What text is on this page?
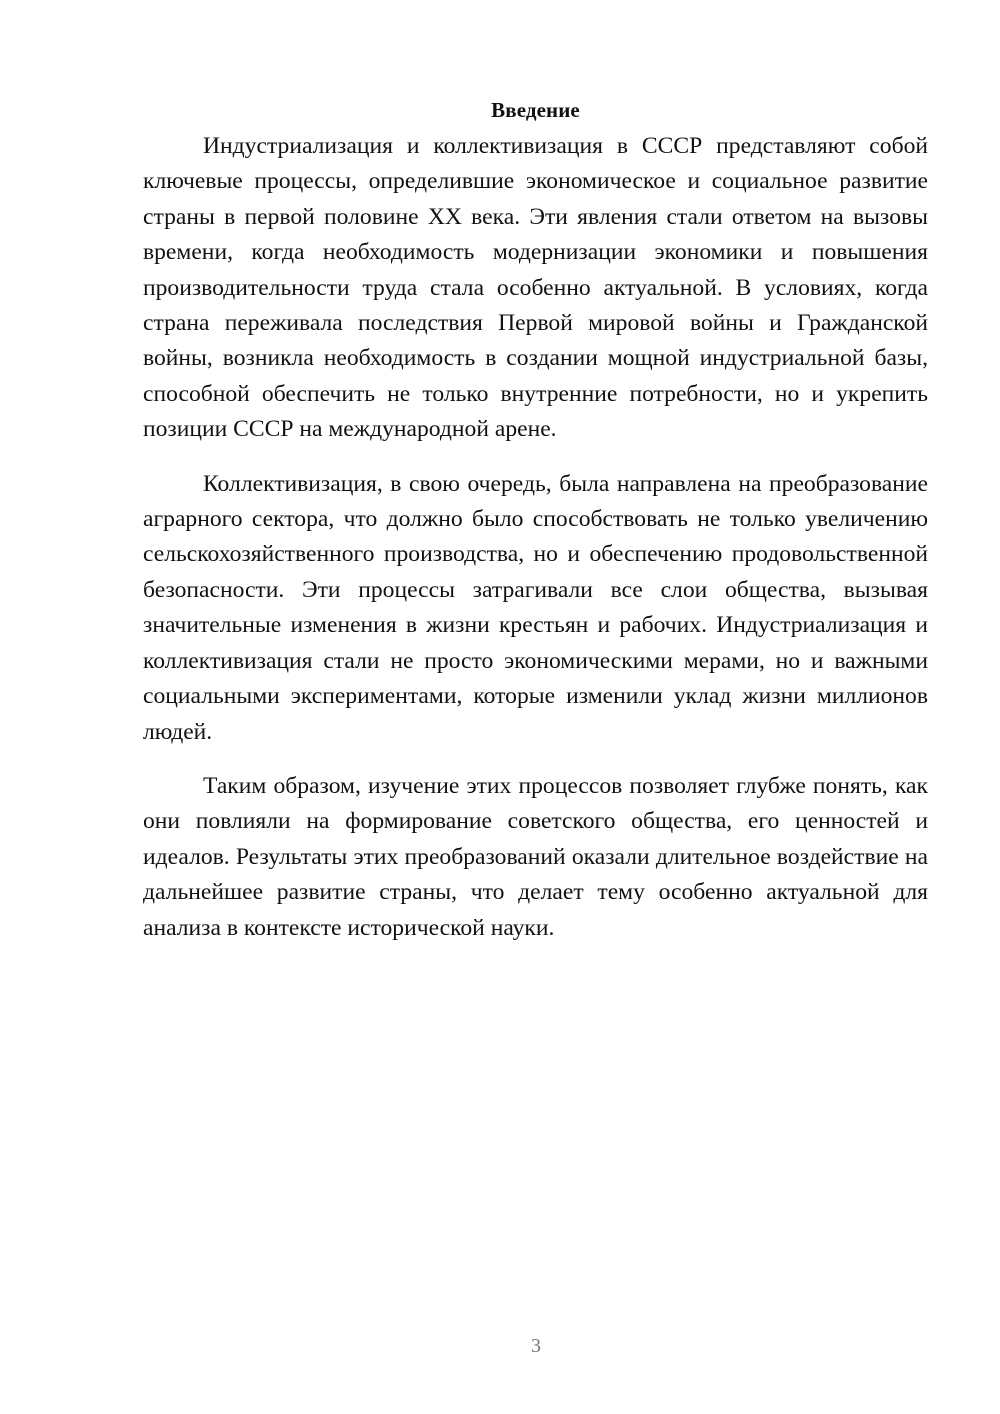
Введение

Индустриализация и коллективизация в СССР представляют собой ключевые процессы, определившие экономическое и социальное развитие страны в первой половине XX века. Эти явления стали ответом на вызовы времени, когда необходимость модернизации экономики и повышения производительности труда стала особенно актуальной. В условиях, когда страна переживала последствия Первой мировой войны и Гражданской войны, возникла необходимость в создании мощной индустриальной базы, способной обеспечить не только внутренние потребности, но и укрепить позиции СССР на международной арене.

Коллективизация, в свою очередь, была направлена на преобразование аграрного сектора, что должно было способствовать не только увеличению сельскохозяйственного производства, но и обеспечению продовольственной безопасности. Эти процессы затрагивали все слои общества, вызывая значительные изменения в жизни крестьян и рабочих. Индустриализация и коллективизация стали не просто экономическими мерами, но и важными социальными экспериментами, которые изменили уклад жизни миллионов людей.

Таким образом, изучение этих процессов позволяет глубже понять, как они повлияли на формирование советского общества, его ценностей и идеалов. Результаты этих преобразований оказали длительное воздействие на дальнейшее развитие страны, что делает тему особенно актуальной для анализа в контексте исторической науки.

3
